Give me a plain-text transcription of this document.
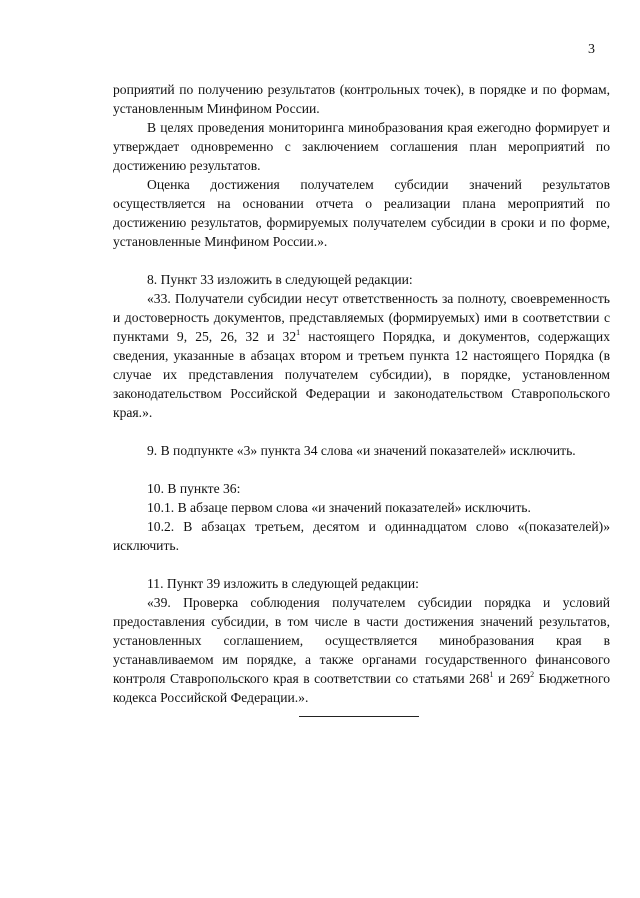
3

роприятий по получению результатов (контрольных точек), в порядке и по формам, установленным Минфином России.

В целях проведения мониторинга минобразования края ежегодно формирует и утверждает одновременно с заключением соглашения план мероприятий по достижению результатов.

Оценка достижения получателем субсидии значений результатов осуществляется на основании отчета о реализации плана мероприятий по достижению результатов, формируемых получателем субсидии в сроки и по форме, установленные Минфином России.».

8. Пункт 33 изложить в следующей редакции:

«33. Получатели субсидии несут ответственность за полноту, своевременность и достоверность документов, представляемых (формируемых) ими в соответствии с пунктами 9, 25, 26, 32 и $32^1$ настоящего Порядка, и документов, содержащих сведения, указанные в абзацах втором и третьем пункта 12 настоящего Порядка (в случае их представления получателем субсидии), в порядке, установленном законодательством Российской Федерации и законодательством Ставропольского края.».

9. В подпункте «3» пункта 34 слова «и значений показателей» исключить.

10. В пункте 36:

10.1. В абзаце первом слова «и значений показателей» исключить.

10.2. В абзацах третьем, десятом и одиннадцатом слово «(показателей)» исключить.

11. Пункт 39 изложить в следующей редакции:

«39. Проверка соблюдения получателем субсидии порядка и условий предоставления субсидии, в том числе в части достижения значений результатов, установленных соглашением, осуществляется минобразования края в устанавливаемом им порядке, а также органами государственного финансового контроля Ставропольского края в соответствии со статьями $268^1$ и $269^2$ Бюджетного кодекса Российской Федерации.».
